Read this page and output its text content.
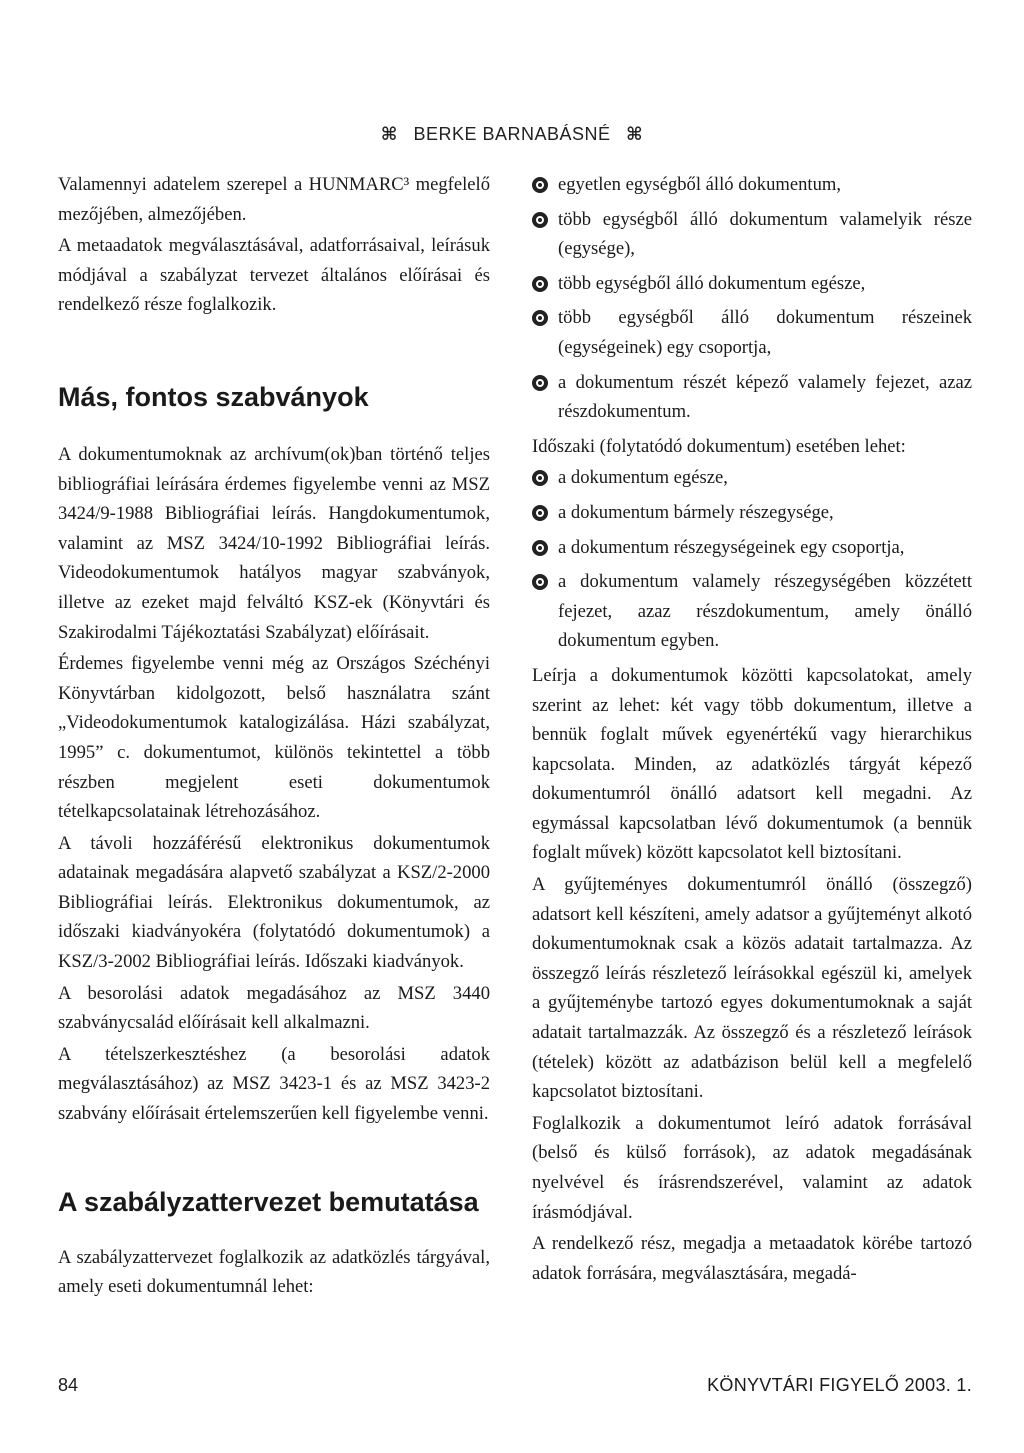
⌘ BERKE BARNABÁSNÉ ⌘

Valamennyi adatelem szerepel a HUNMARC³ megfelelő mezőjében, almezőjében.

A metaadatok megválasztásával, adatforrásaival, leírásuk módjával a szabályzat tervezet általános előírásai és rendelkező része foglalkozik.

Más, fontos szabványok

A dokumentumoknak az archívum(ok)ban történő teljes bibliográfiai leírására érdemes figyelembe venni az MSZ 3424/9-1988 Bibliográfiai leírás. Hangdokumentumok, valamint az MSZ 3424/10-1992 Bibliográfiai leírás. Videodokumentumok hatályos magyar szabványok, illetve az ezeket majd felváltó KSZ-ek (Könyvtári és Szakirodalmi Tájékoztatási Szabályzat) előírásait.

Érdemes figyelembe venni még az Országos Széchényi Könyvtárban kidolgozott, belső használatra szánt „Videodokumentumok katalogizálása. Házi szabályzat, 1995” c. dokumentumot, különös tekintettel a több részben megjelent eseti dokumentumok tételkapcsolatainak létrehozásához.

A távoli hozzáférésű elektronikus dokumentumok adatainak megadására alapvető szabályzat a KSZ/2-2000 Bibliográfiai leírás. Elektronikus dokumentumok, az időszaki kiadványokéra (folytatódó dokumentumok) a KSZ/3-2002 Bibliográfiai leírás. Időszaki kiadványok.

A besorolási adatok megadásához az MSZ 3440 szabványcsalád előírásait kell alkalmazni.

A tételszerkesztéshez (a besorolási adatok megválasztásához) az MSZ 3423-1 és az MSZ 3423-2 szabvány előírásait értelemszerűen kell figyelembe venni.

A szabályzattervezet bemutatása

A szabályzattervezet foglalkozik az adatközlés tárgyával, amely eseti dokumentumnál lehet:

egyetlen egységből álló dokumentum,
több egységből álló dokumentum valamelyik része (egysége),
több egységből álló dokumentum egésze,
több egységből álló dokumentum részeinek (egységeinek) egy csoportja,
a dokumentum részét képező valamely fejezet, azaz részdokumentum.

Időszaki (folytatódó dokumentum) esetében lehet:

a dokumentum egésze,
a dokumentum bármely részegysége,
a dokumentum részegységeinek egy csoportja,
a dokumentum valamely részegységében közzétett fejezet, azaz részdokumentum, amely önálló dokumentum egyben.

Leírja a dokumentumok közötti kapcsolatokat, amely szerint az lehet: két vagy több dokumentum, illetve a bennük foglalt művek egyenértékű vagy hierarchikus kapcsolata. Minden, az adatközlés tárgyát képező dokumentumról önálló adatsort kell megadni. Az egymással kapcsolatban lévő dokumentumok (a bennük foglalt művek) között kapcsolatot kell biztosítani.

A gyűjteményes dokumentumról önálló (összegző) adatsort kell készíteni, amely adatsor a gyűjteményt alkotó dokumentumoknak csak a közös adatait tartalmazza. Az összegző leírás részletező leírásokkal egészül ki, amelyek a gyűjteménybe tartozó egyes dokumentumoknak a saját adatait tartalmazzák. Az összegző és a részletező leírások (tételek) között az adatbázison belül kell a megfelelő kapcsolatot biztosítani.

Foglalkozik a dokumentumot leíró adatok forrásával (belső és külső források), az adatok megadásának nyelvével és írásrendszerével, valamint az adatok írásmódjával.

A rendelkező rész, megadja a metaadatok körébe tartozó adatok forrására, megválasztására, megadá-

84	KÖNYVTÁRI FIGYELŐ 2003. 1.
